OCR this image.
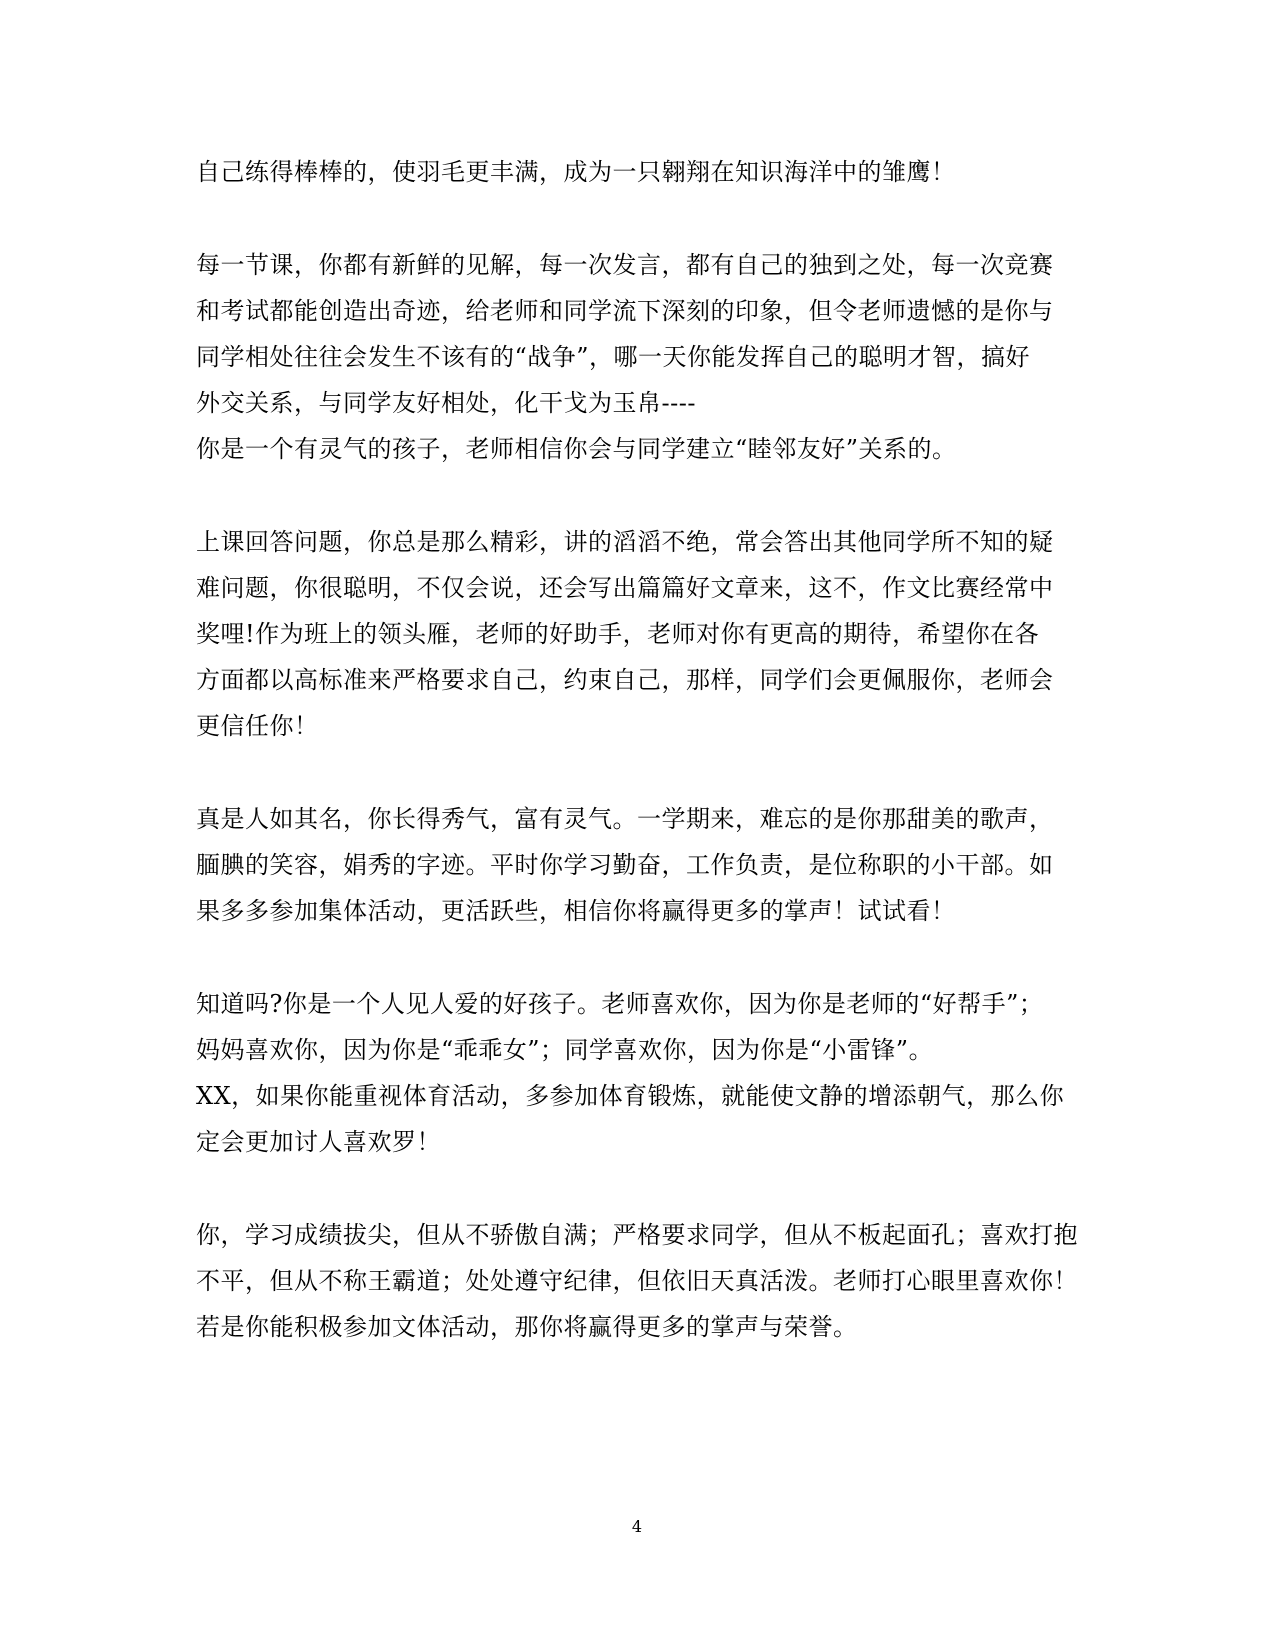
自己练得棒棒的，使羽毛更丰满，成为一只翱翔在知识海洋中的雏鹰！
每一节课，你都有新鲜的见解，每一次发言，都有自己的独到之处，每一次竞赛
和考试都能创造出奇迹，给老师和同学流下深刻的印象，但令老师遗憾的是你与
同学相处往往会发生不该有的“战争”，哪一天你能发挥自己的聪明才智，搞好
外交关系，与同学友好相处，化干戈为玉帛----
你是一个有灵气的孩子，老师相信你会与同学建立“睦邻友好”关系的。
上课回答问题，你总是那么精彩，讲的滔滔不绝，常会答出其他同学所不知的疑
难问题，你很聪明，不仅会说，还会写出篇篇好文章来，这不，作文比赛经常中
奖哩!作为班上的领头雁，老师的好助手，老师对你有更高的期待，希望你在各
方面都以高标准来严格要求自己，约束自己，那样，同学们会更佩服你，老师会
更信任你！
真是人如其名，你长得秀气，富有灵气。一学期来，难忘的是你那甜美的歌声，
腼腆的笑容，娟秀的字迹。平时你学习勤奋，工作负责，是位称职的小干部。如
果多多参加集体活动，更活跃些，相信你将赢得更多的掌声！试试看！
知道吗?你是一个人见人爱的好孩子。老师喜欢你，因为你是老师的“好帮手”；
妈妈喜欢你，因为你是“乖乖女”；同学喜欢你，因为你是“小雷锋”。
XX，如果你能重视体育活动，多参加体育锻炼，就能使文静的增添朝气，那么你
定会更加讨人喜欢罗！
你，学习成绩拔尖，但从不骄傲自满；严格要求同学，但从不板起面孔；喜欢打抱
不平，但从不称王霸道；处处遵守纪律，但依旧天真活泼。老师打心眼里喜欢你！
若是你能积极参加文体活动，那你将赢得更多的掌声与荣誉。
4
